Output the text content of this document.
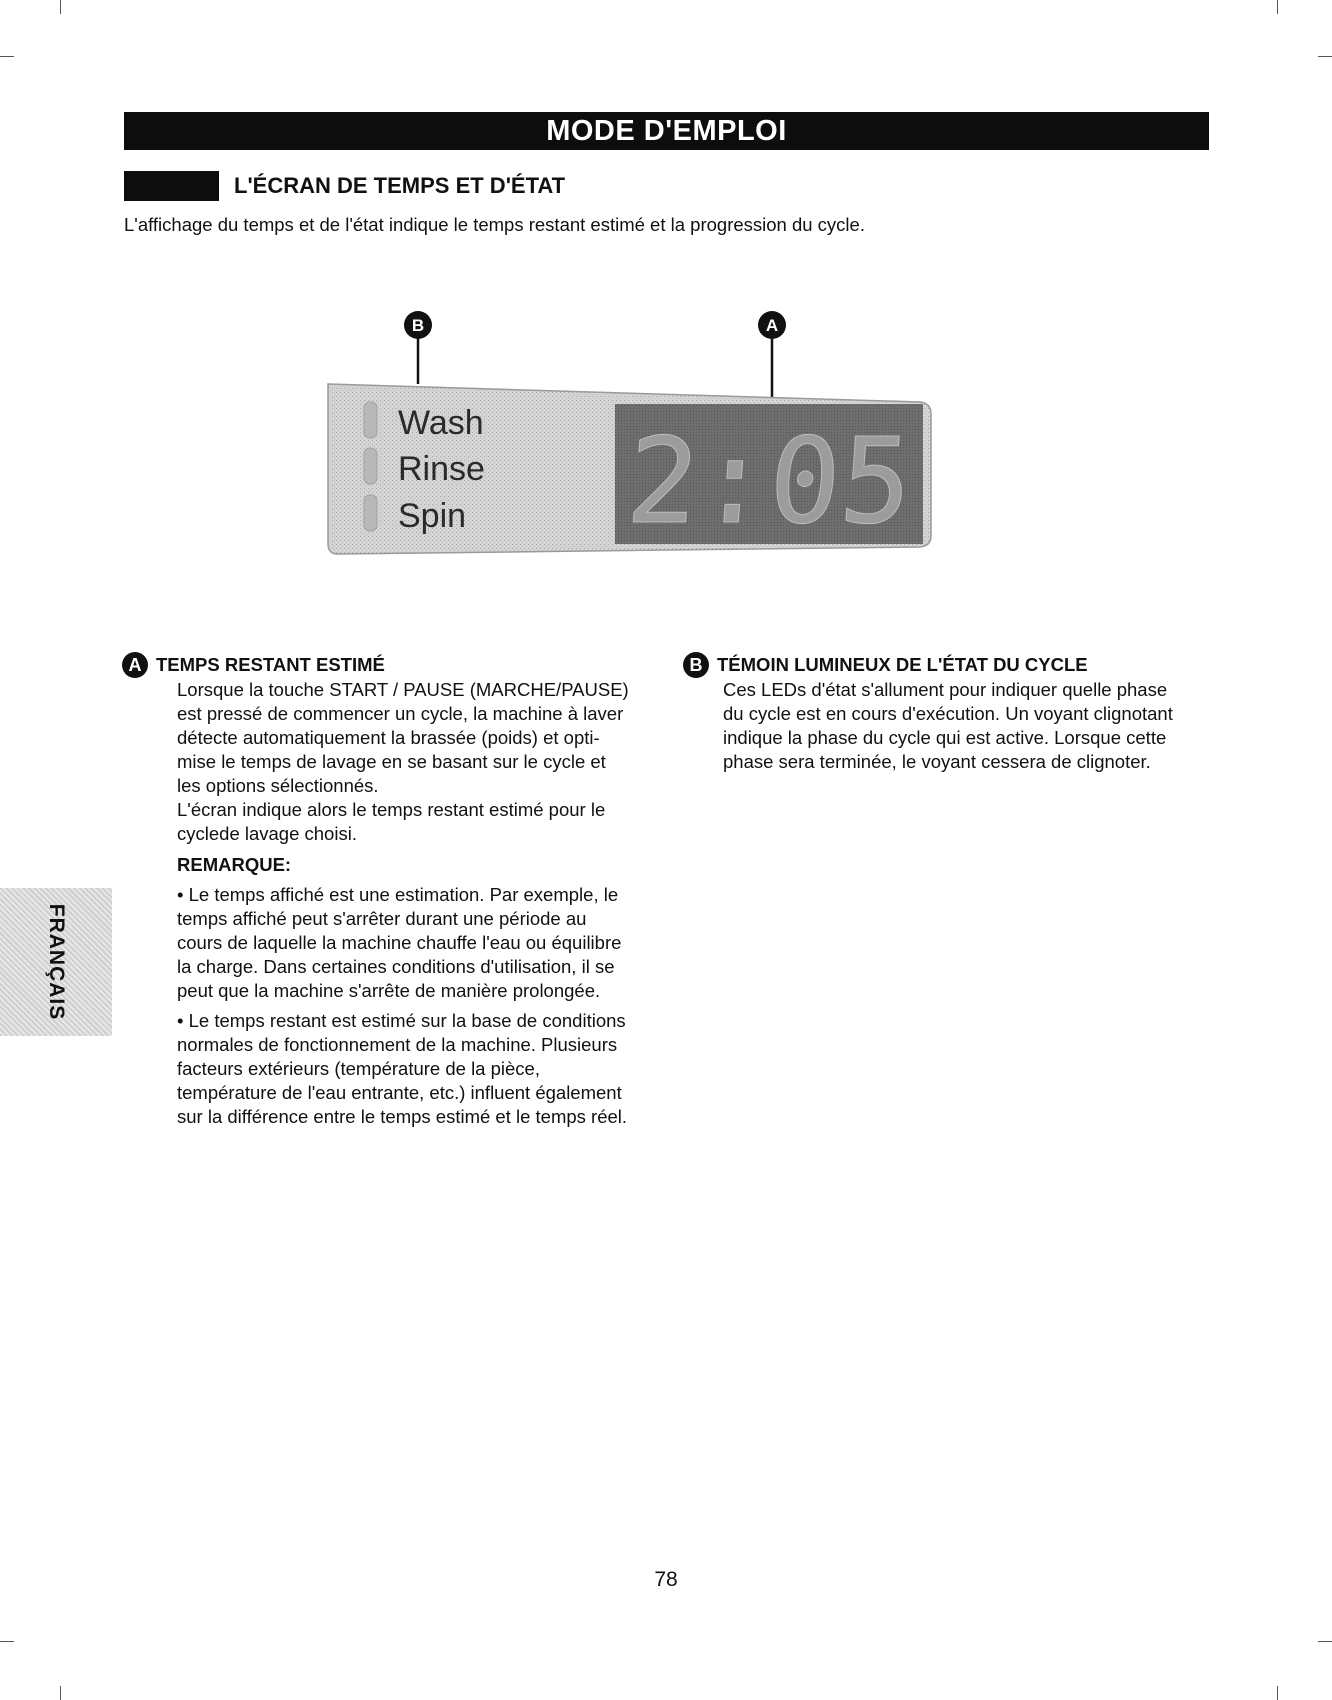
MODE D'EMPLOI
L'ÉCRAN DE TEMPS ET D'ÉTAT
L'affichage du temps et de l'état indique le temps restant estimé et la progression du cycle.
B	A
Wash
Rinse
Spin 2:05
A TEMPS RESTANT ESTIMÉ

Lorsque la touche START / PAUSE (MARCHE/PAUSE)

est pressé de commencer un cycle, la machine à laver

détecte automatiquement la brassée (poids) et opti-

mise le temps de lavage en se basant sur le cycle et

les options sélectionnés.

L'écran indique alors le temps restant estimé pour le

cyclede lavage choisi.

REMARQUE:

• Le temps affiché est une estimation. Par exemple, le

temps affiché peut s'arrêter durant une période au

cours de laquelle la machine chauffe l'eau ou équilibre

la charge. Dans certaines conditions d'utilisation, il se

peut que la machine s'arrête de manière prolongée.

• Le temps restant est estimé sur la base de conditions

normales de fonctionnement de la machine. Plusieurs

facteurs extérieurs (température de la pièce,

température de l'eau entrante, etc.) influent également

sur la différence entre le temps estimé et le temps réel.

B TÉMOIN LUMINEUX DE L'ÉTAT DU CYCLE

Ces LEDs d'état s'allument pour indiquer quelle phase

du cycle est en cours d'exécution. Un voyant clignotant

indique la phase du cycle qui est active. Lorsque cette

phase sera terminée, le voyant cessera de clignoter.

FRANÇAIS
78
